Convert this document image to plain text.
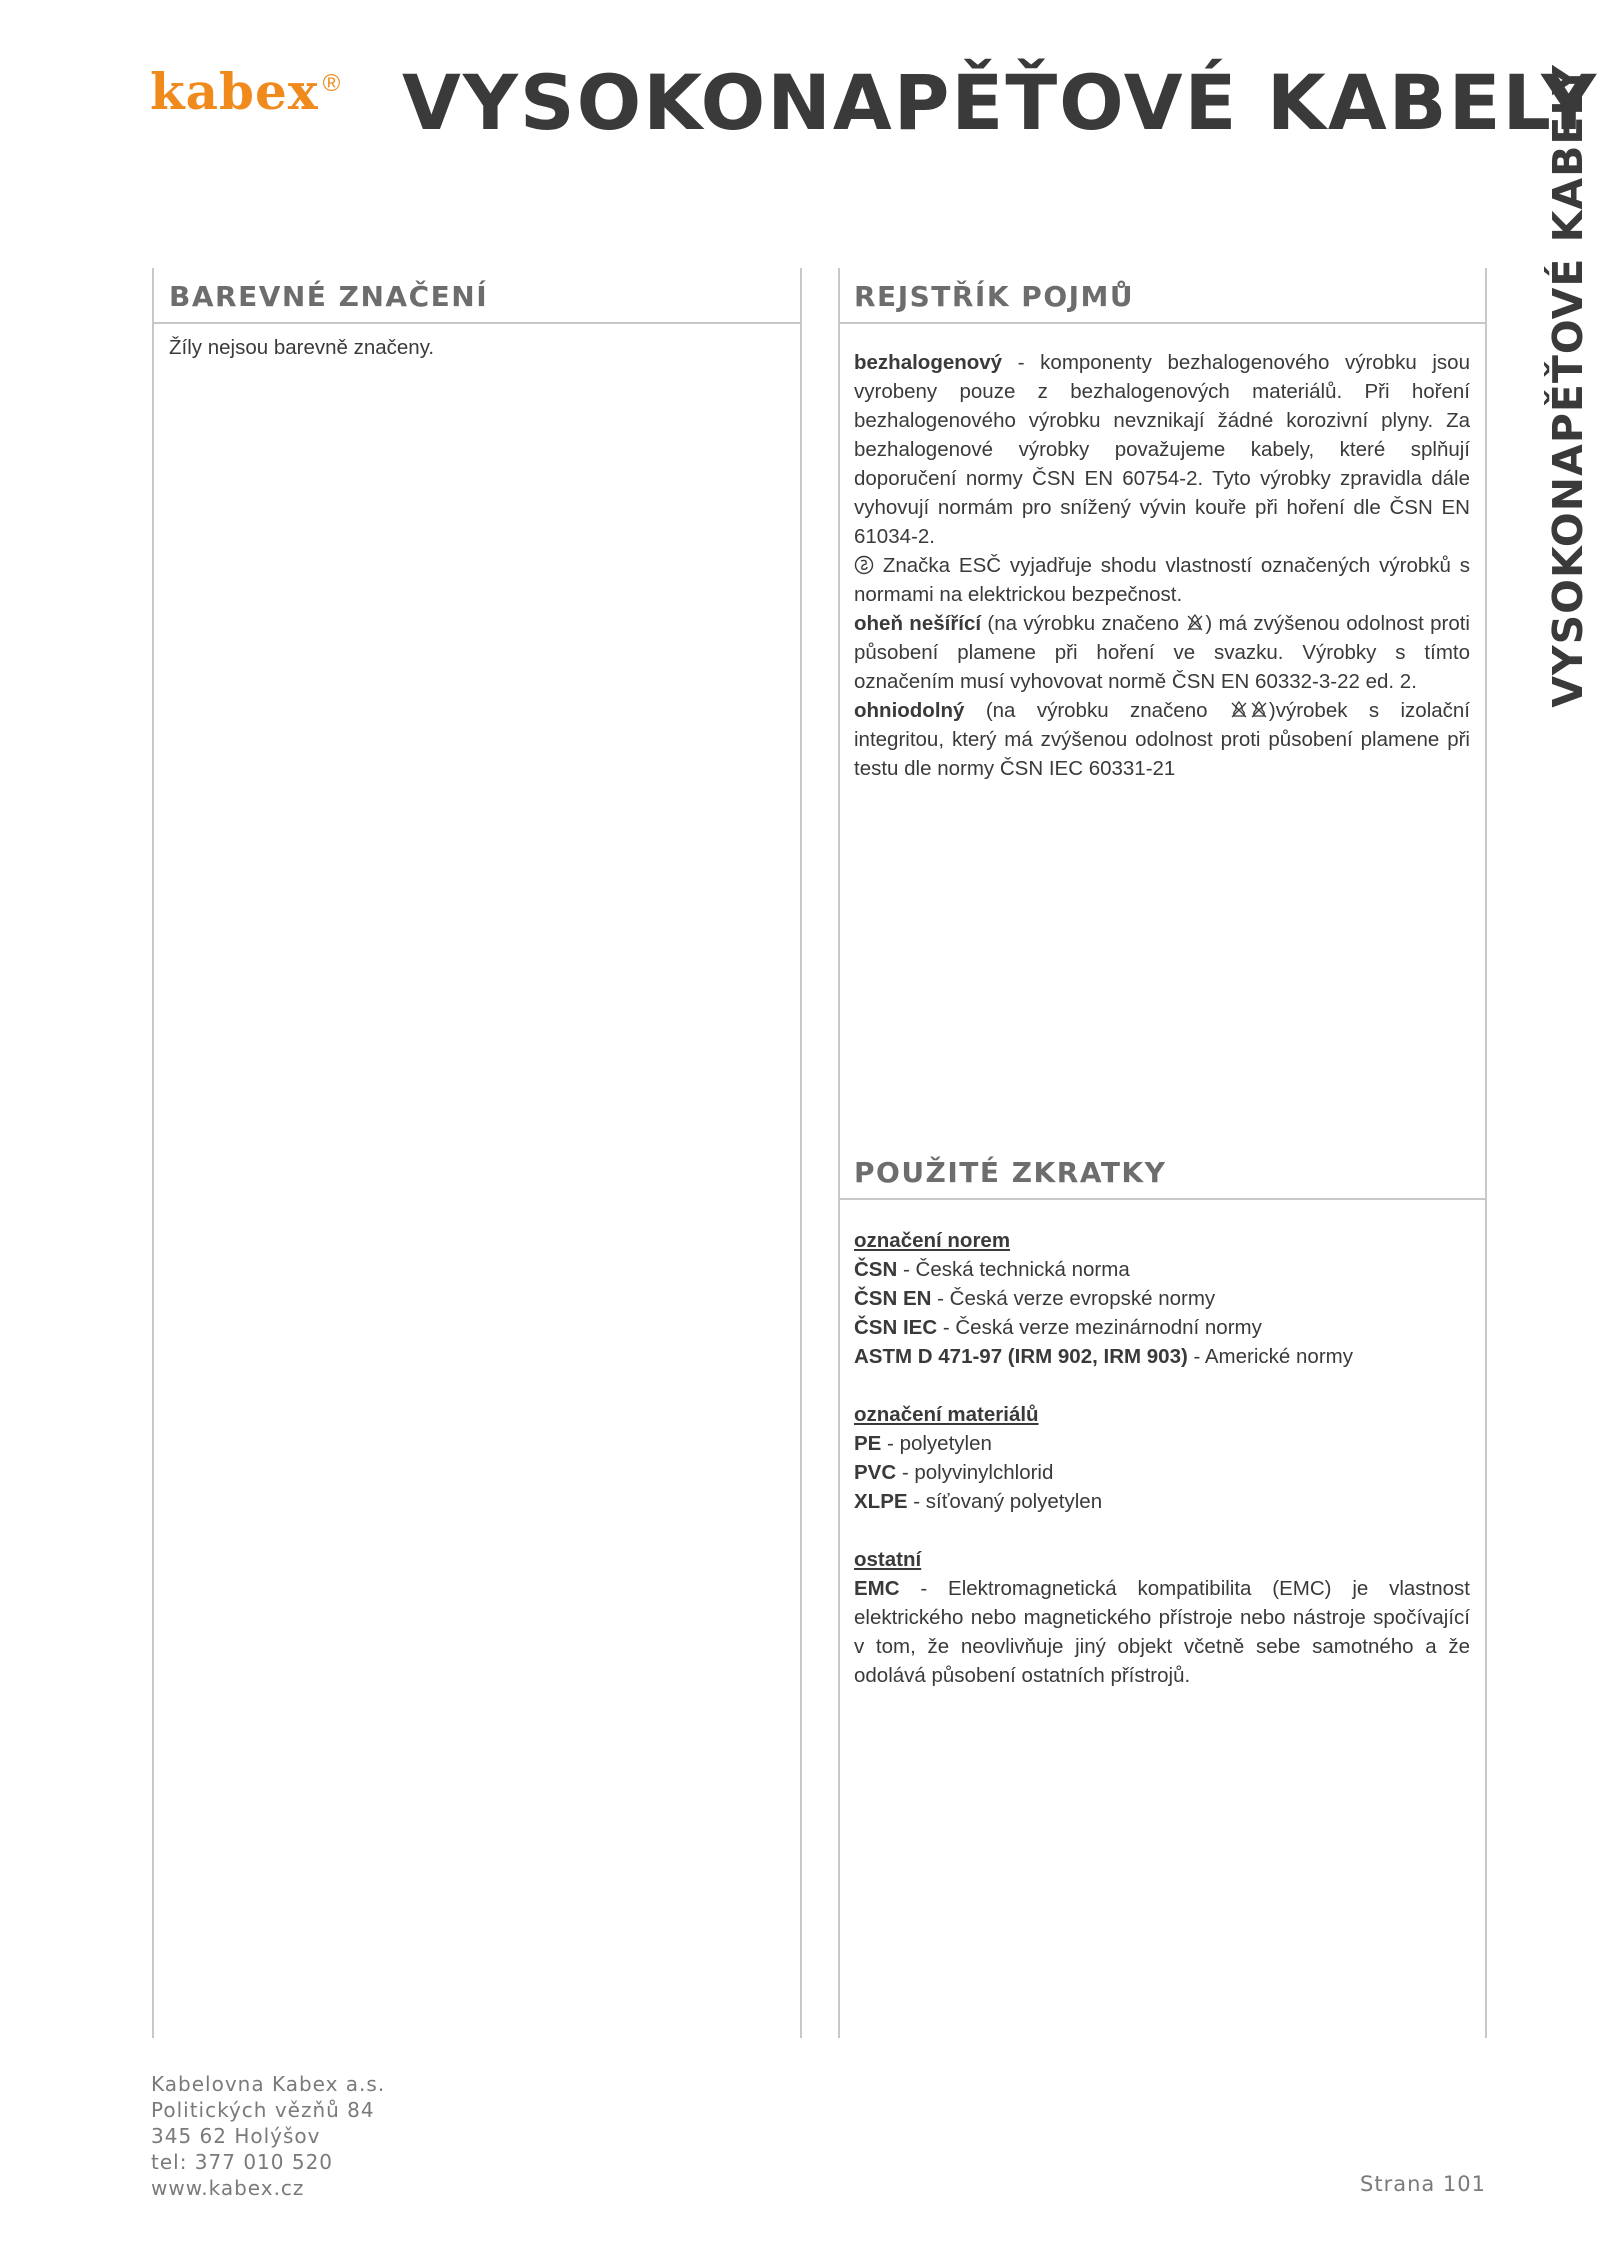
kabex ® VYSOKONAPĚŤOVÉ KABELY
VYSOKONAPĚŤOVÉ KABELY
BAREVNÉ ZNAČENÍ
Žíly nejsou barevně značeny.
REJSTŘÍK POJMŮ
bezhalogenový - komponenty bezhalogenového výrobku jsou vyrobeny pouze z bezhalogenových materiálů. Při hoření bezhalogenového výrobku nevznikají žádné korozivní plyny. Za bezhalogenové výrobky považujeme kabely, které splňují doporučení normy ČSN EN 60754-2. Tyto výrobky zpravidla dále vyhovují normám pro snížený vývin kouře při hoření dle ČSN EN 61034-2.
Značka ESČ vyjadřuje shodu vlastností označených výrobků s normami na elektrickou bezpečnost.
oheň nešířící (na výrobku značeno ) má zvýšenou odolnost proti působení plamene při hoření ve svazku. Výrobky s tímto označením musí vyhovovat normě ČSN EN 60332-3-22 ed. 2.
ohniodolný (na výrobku značeno )výrobek s izolační integritou, který má zvýšenou odolnost proti působení plamene při testu dle normy ČSN IEC 60331-21
POUŽITÉ ZKRATKY
označení norem
ČSN - Česká technická norma
ČSN EN - Česká verze evropské normy
ČSN IEC - Česká verze mezinárnodní normy
ASTM D 471-97 (IRM 902, IRM 903) - Americké normy
označení materiálů
PE - polyetylen
PVC - polyvinylchlorid
XLPE - síťovaný polyetylen
ostatní
EMC - Elektromagnetická kompatibilita (EMC) je vlastnost elektrického nebo magnetického přístroje nebo nástroje spočívající v tom, že neovlivňuje jiný objekt včetně sebe samotného a že odolává působení ostatních přístrojů.
Kabelovna Kabex a.s.
Politických vězňů 84
345 62 Holýšov
tel: 377 010 520
www.kabex.cz	Strana 101
